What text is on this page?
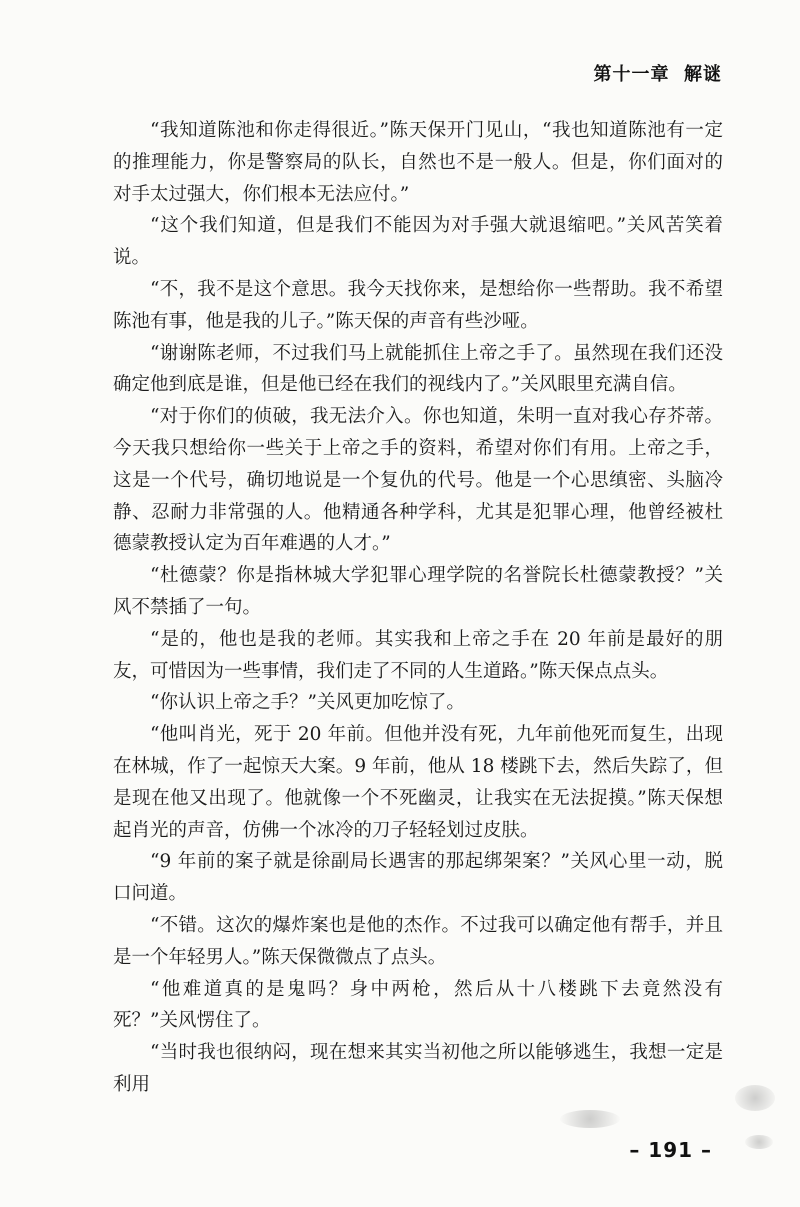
第十一章 解谜

“我知道陈池和你走得很近。”陈天保开门见山，“我也知道陈池有一定的推理能力，你是警察局的队长，自然也不是一般人。但是，你们面对的对手太过强大，你们根本无法应付。”

“这个我们知道，但是我们不能因为对手强大就退缩吧。”关风苦笑着说。

“不，我不是这个意思。我今天找你来，是想给你一些帮助。我不希望陈池有事，他是我的儿子。”陈天保的声音有些沙哑。

“谢谢陈老师，不过我们马上就能抓住上帝之手了。虽然现在我们还没确定他到底是谁，但是他已经在我们的视线内了。”关风眼里充满自信。

“对于你们的侦破，我无法介入。你也知道，朱明一直对我心存芥蒂。今天我只想给你一些关于上帝之手的资料，希望对你们有用。上帝之手，这是一个代号，确切地说是一个复仇的代号。他是一个心思缜密、头脑冷静、忍耐力非常强的人。他精通各种学科，尤其是犯罪心理，他曾经被杜德蒙教授认定为百年难遇的人才。”

“杜德蒙？你是指林城大学犯罪心理学院的名誉院长杜德蒙教授？”关风不禁插了一句。

“是的，他也是我的老师。其实我和上帝之手在 20 年前是最好的朋友，可惜因为一些事情，我们走了不同的人生道路。”陈天保点点头。

“你认识上帝之手？”关风更加吃惊了。

“他叫肖光，死于 20 年前。但他并没有死，九年前他死而复生，出现在林城，作了一起惊天大案。9 年前，他从 18 楼跳下去，然后失踪了，但是现在他又出现了。他就像一个不死幽灵，让我实在无法捉摸。”陈天保想起肖光的声音，仿佛一个冰冷的刀子轻轻划过皮肤。

“9 年前的案子就是徐副局长遇害的那起绑架案？”关风心里一动，脱口问道。

“不错。这次的爆炸案也是他的杰作。不过我可以确定他有帮手，并且是一个年轻男人。”陈天保微微点了点头。

“他难道真的是鬼吗？身中两枪，然后从十八楼跳下去竟然没有死？”关风愣住了。

“当时我也很纳闷，现在想来其实当初他之所以能够逃生，我想一定是利用

– 191 –
